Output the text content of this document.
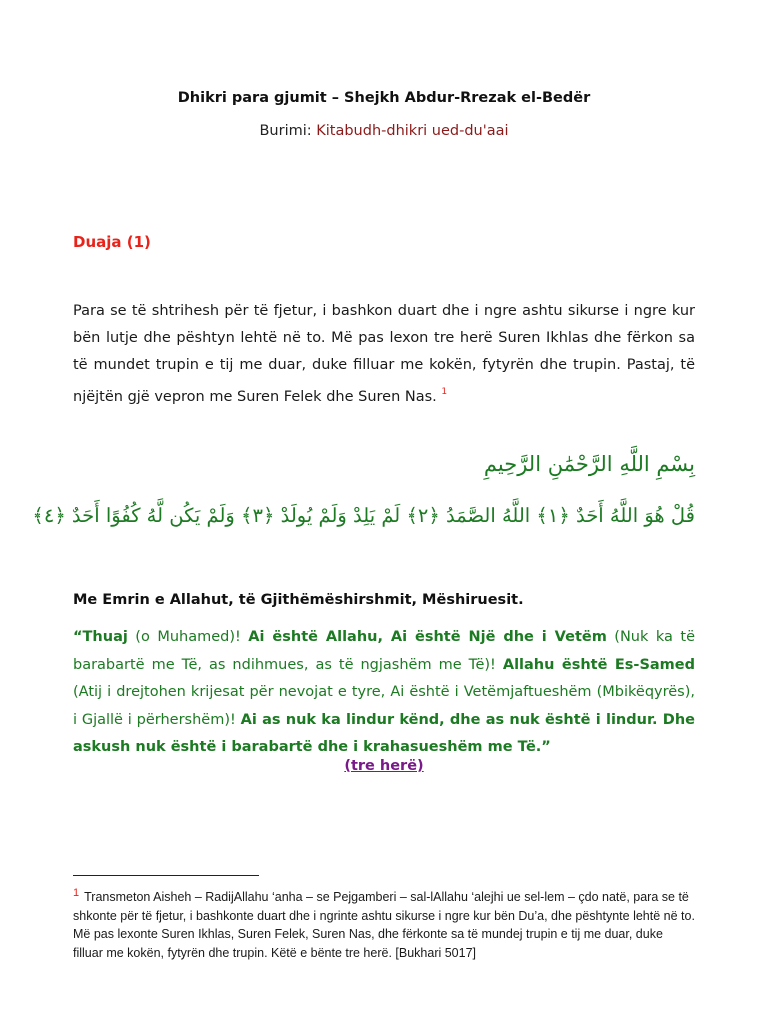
Dhikri para gjumit – Shejkh Abdur-Rrezak el-Bedër
Burimi: Kitabudh-dhikri ued-du'aai
Duaja (1)
Para se të shtrihesh për të fjetur, i bashkon duart dhe i ngre ashtu sikurse i ngre kur bën lutje dhe pështyn lehtë në to. Më pas lexon tre herë Suren Ikhlas dhe fërkon sa të mundet trupin e tij me duar, duke filluar me kokën, fytyrën dhe trupin. Pastaj, të njëjtën gjë vepron me Suren Felek dhe Suren Nas. $^1$
بِسْمِ اللَّهِ الرَّحْمَٰنِ الرَّحِيمِ
قُلْ هُوَ اللَّهُ أَحَدٌ ﴿١﴾ اللَّهُ الصَّمَدُ ﴿٢﴾ لَمْ يَلِدْ وَلَمْ يُولَدْ ﴿٣﴾ وَلَمْ يَكُن لَّهُ كُفُوًا أَحَدٌ ﴿٤﴾
Me Emrin e Allahut, të Gjithëmëshirshmit, Mëshiruesit.
“Thuaj (o Muhamed)! Ai është Allahu, Ai është Një dhe i Vetëm (Nuk ka të barabartë me Të, as ndihmues, as të ngjashëm me Të)! Allahu është Es-Samed (Atij i drejtohen krijesat për nevojat e tyre, Ai është i Vetëmjaftueshëm (Mbikëqyrës), i Gjallë i përhershëm)! Ai as nuk ka lindur kënd, dhe as nuk është i lindur. Dhe askush nuk është i barabartë dhe i krahasueshëm me Të.”
(tre herë)
1 Transmeton Aisheh – RadijAllahu ‘anha – se Pejgamberi – sal-lAllahu ‘alejhi ue sel-lem – çdo natë, para se të shkonte për të fjetur, i bashkonte duart dhe i ngrinte ashtu sikurse i ngre kur bën Du’a, dhe pështynte lehtë në to. Më pas lexonte Suren Ikhlas, Suren Felek, Suren Nas, dhe fërkonte sa të mundej trupin e tij me duar, duke filluar me kokën, fytyrën dhe trupin. Këtë e bënte tre herë. [Bukhari 5017]
